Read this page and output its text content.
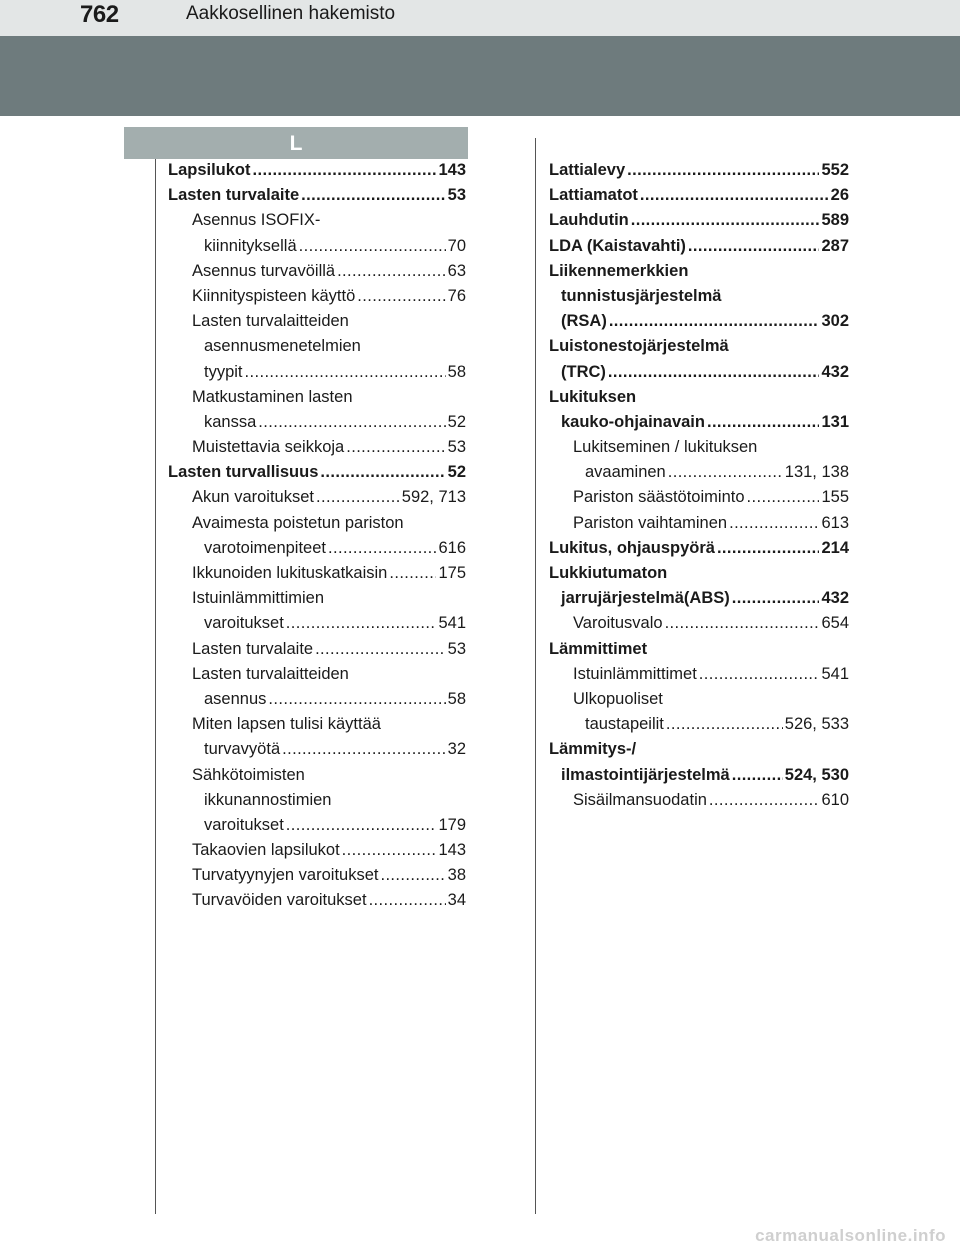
762	Aakkosellinen hakemisto
L
Lapsilukot .....	143
Lasten turvalaite .....	53
Asennus ISOFIX-
kiinnityksellä .....	70
Asennus turvavöillä .....	63
Kiinnityspisteen käyttö .....	76
Lasten turvalaitteiden
asennusmenetelmien
tyypit .....	58
Matkustaminen lasten
kanssa .....	52
Muistettavia seikkoja .....	53
Lasten turvallisuus .....	52
Akun varoitukset .....	592, 713
Avaimesta poistetun pariston
varotoimenpiteet .....	616
Ikkunoiden lukituskatkaisin .....	175
Istuinlämmittimien
varoitukset .....	541
Lasten turvalaite .....	53
Lasten turvalaitteiden
asennus .....	58
Miten lapsen tulisi käyttää
turvavyötä .....	32
Sähkötoimisten
ikkunannostimien
varoitukset .....	179
Takaovien lapsilukot .....	143
Turvatyynyjen varoitukset .....	38
Turvavöiden varoitukset .....	34
Lattialevy .....	552
Lattiamatot .....	26
Lauhdutin .....	589
LDA (Kaistavahti) .....	287
Liikennemerkkien
tunnistusjärjestelmä
(RSA) .....	302
Luistonestojärjestelmä
(TRC) .....	432
Lukituksen
kauko-ohjainavain .....	131
Lukitseminen / lukituksen
avaaminen .....	131, 138
Pariston säästötoiminto .....	155
Pariston vaihtaminen .....	613
Lukitus, ohjauspyörä .....	214
Lukkiutumaton
jarrujärjestelmä(ABS) .....	432
Varoitusvalo .....	654
Lämmittimet
Istuinlämmittimet .....	541
Ulkopuoliset
taustapeilit .....	526, 533
Lämmitys-/
ilmastointijärjestelmä .....	524, 530
Sisäilmansuodatin .....	610
carmanualsonline.info
